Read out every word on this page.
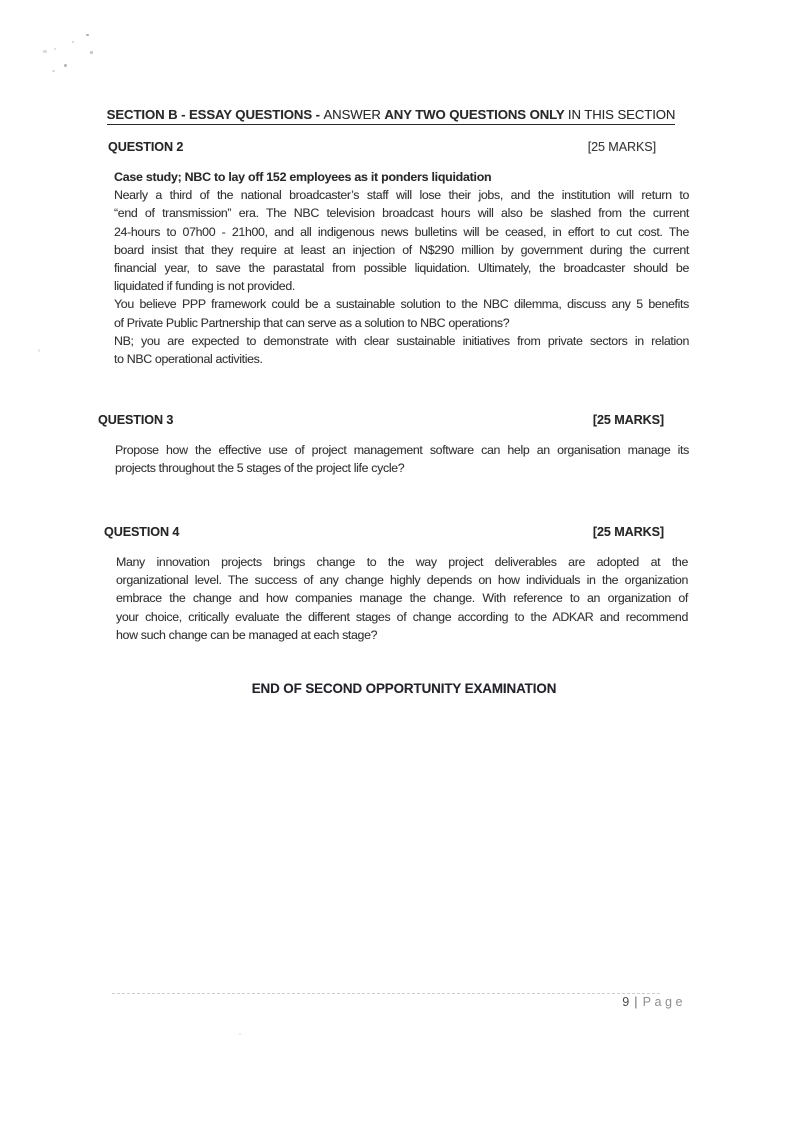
SECTION B - ESSAY QUESTIONS - ANSWER ANY TWO QUESTIONS ONLY IN THIS SECTION
QUESTION 2	[25 MARKS]
Case study; NBC to lay off 152 employees as it ponders liquidation
Nearly a third of the national broadcaster’s staff will lose their jobs, and the institution will return to
“end of transmission” era. The NBC television broadcast hours will also be slashed from the current
24-hours to 07h00 - 21h00, and all indigenous news bulletins will be ceased, in effort to cut cost. The
board insist that they require at least an injection of N$290 million by government during the current
financial year, to save the parastatal from possible liquidation. Ultimately, the broadcaster should be
liquidated if funding is not provided.
You believe PPP framework could be a sustainable solution to the NBC dilemma, discuss any 5 benefits
of Private Public Partnership that can serve as a solution to NBC operations?
NB; you are expected to demonstrate with clear sustainable initiatives from private sectors in relation
to NBC operational activities.
QUESTION 3	[25 MARKS]
Propose how the effective use of project management software can help an organisation manage its
projects throughout the 5 stages of the project life cycle?
QUESTION 4	[25 MARKS]
Many innovation projects brings change to the way project deliverables are adopted at the
organizational level. The success of any change highly depends on how individuals in the organization
embrace the change and how companies manage the change. With reference to an organization of
your choice, critically evaluate the different stages of change according to the ADKAR and recommend
how such change can be managed at each stage?
END OF SECOND OPPORTUNITY EXAMINATION
9 | Page
